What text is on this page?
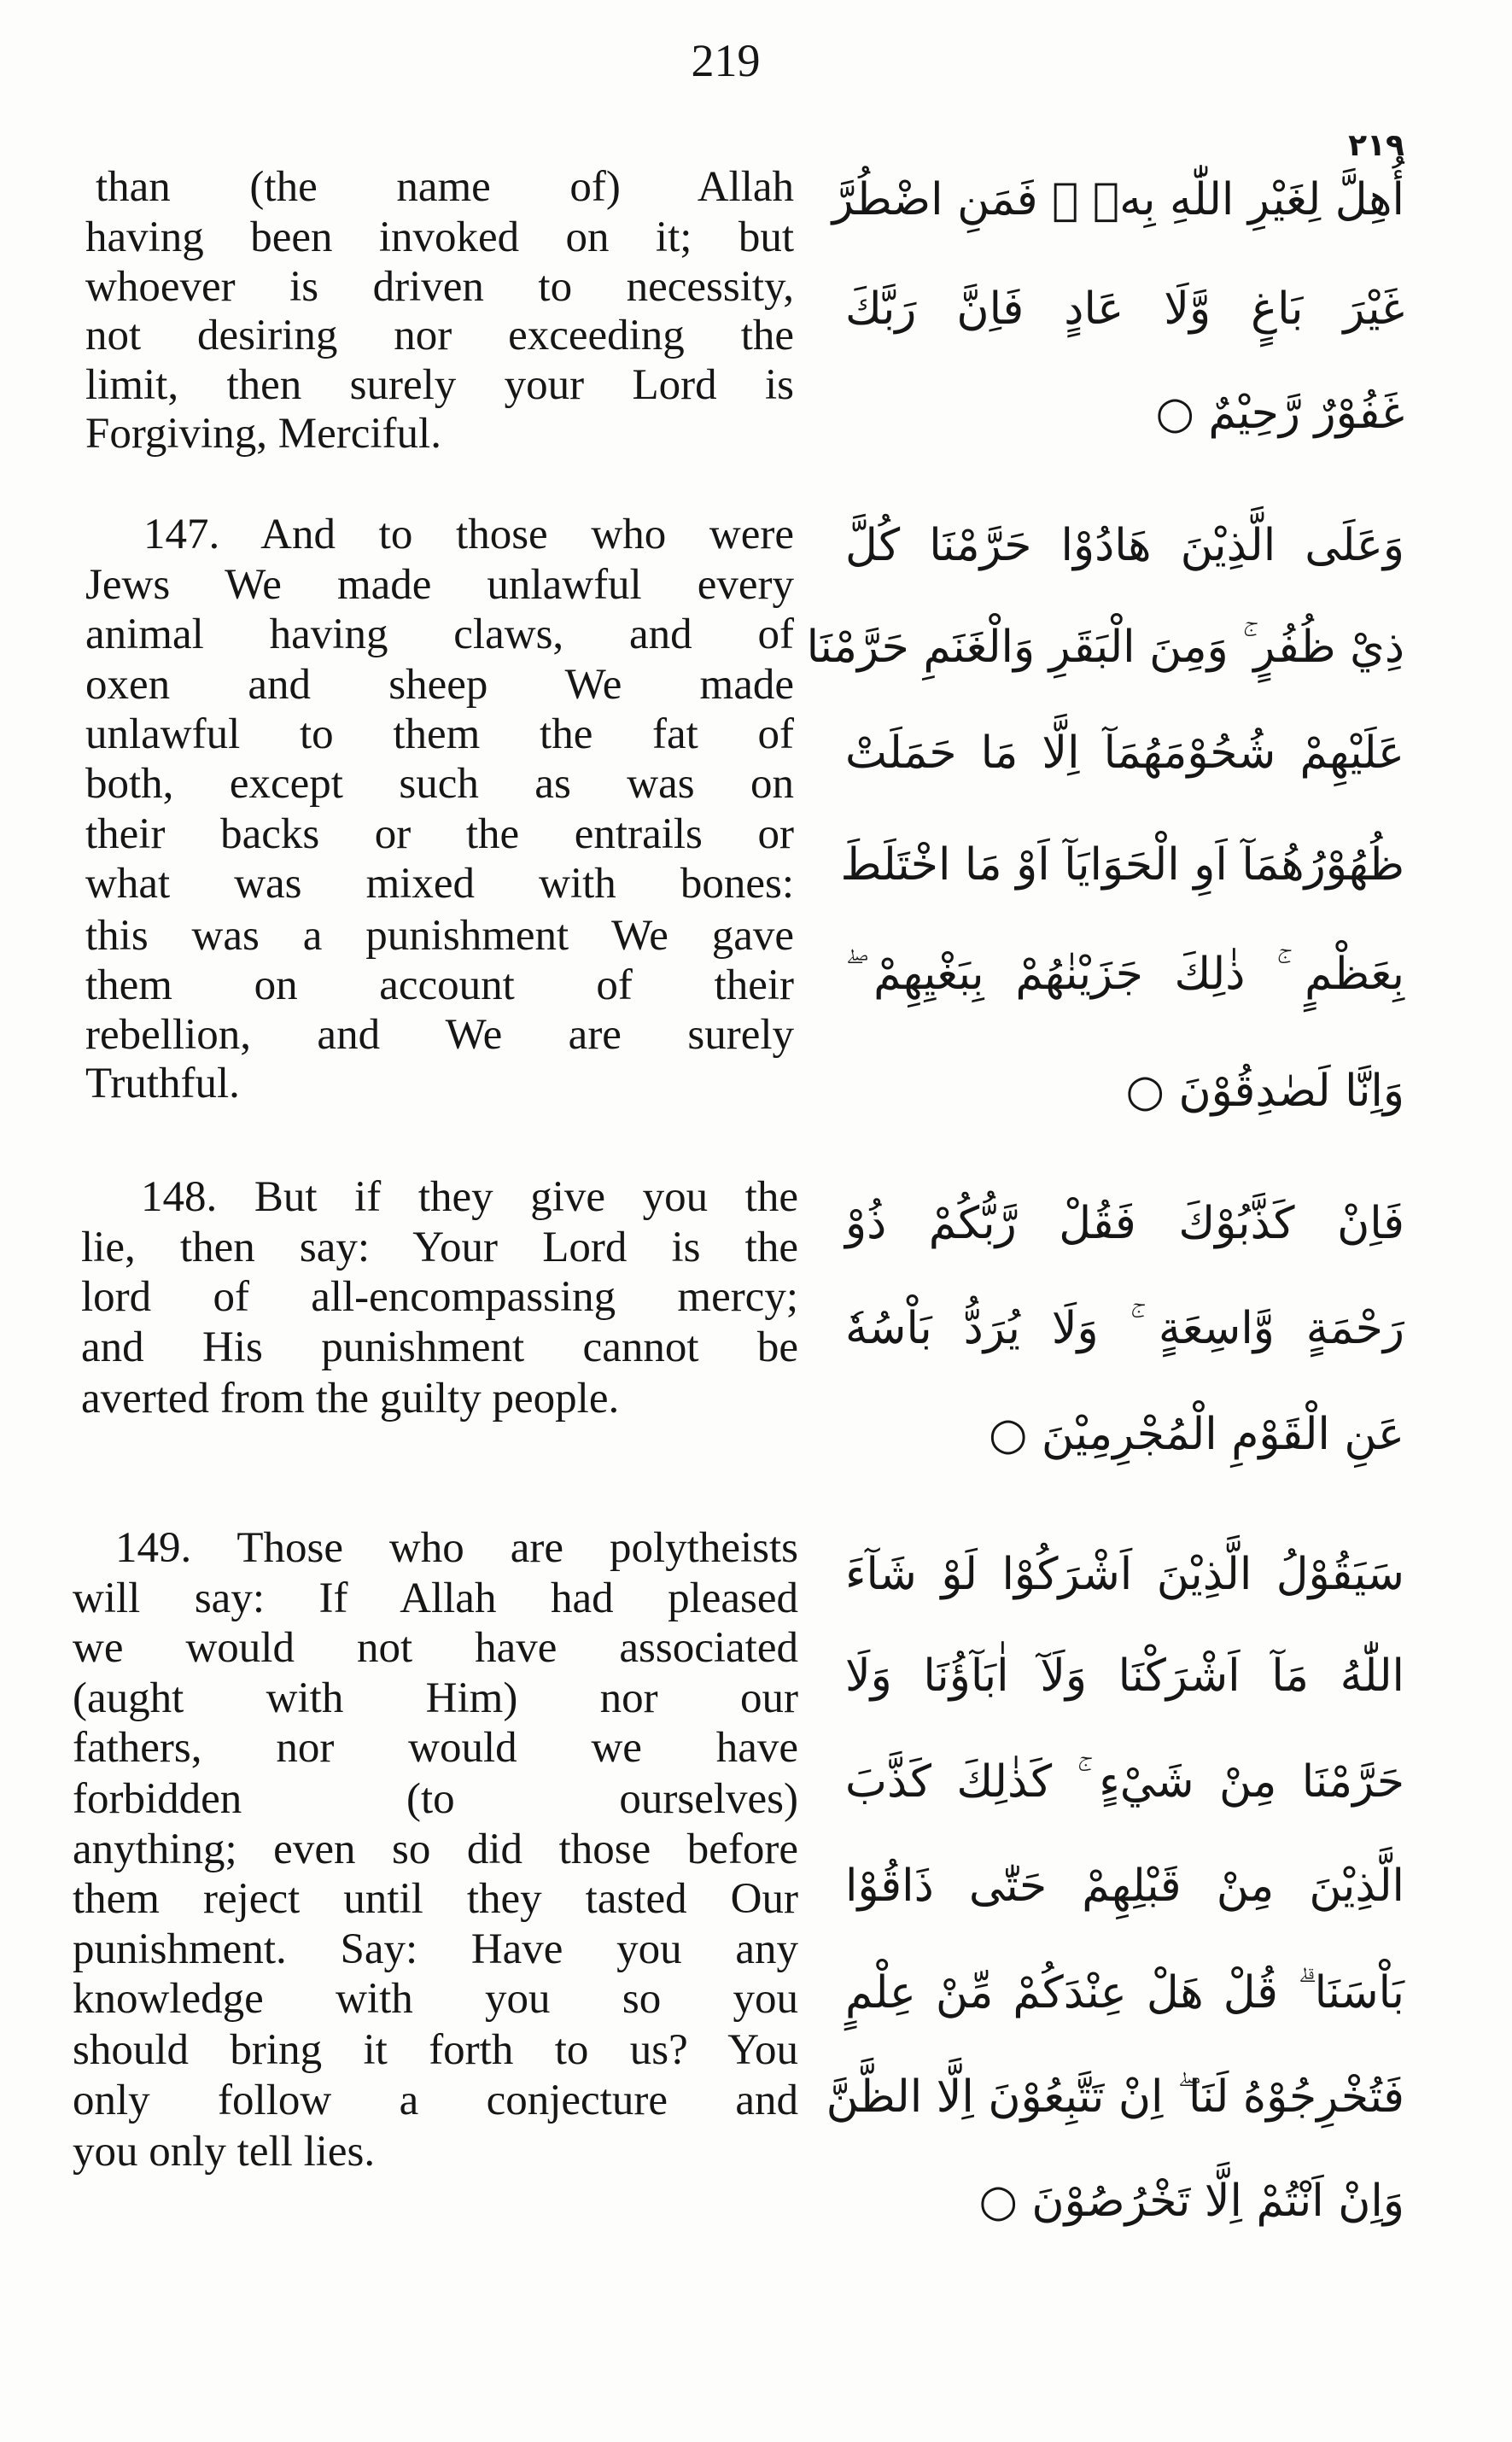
219
٢١٩
than (the name of) Allah
having been invoked on it; but
whoever is driven to necessity,
not desiring nor exceeding the
limit, then surely your Lord is
Forgiving, Merciful.
147. And to those who were
Jews We made unlawful every
animal having claws, and of
oxen and sheep We made
unlawful to them the fat of
both, except such as was on
their backs or the entrails or
what was mixed with bones:
this was a punishment We gave
them on account of their
rebellion, and We are surely
Truthful.
148. But if they give you the
lie, then say: Your Lord is the
lord of all-encompassing mercy;
and His punishment cannot be
averted from the guilty people.
149. Those who are polytheists
will say: If Allah had pleased
we would not have associated
(aught with Him) nor our
fathers, nor would we have
forbidden (to ourselves)
anything; even so did those before
them reject until they tasted Our
punishment. Say: Have you any
knowledge with you so you
should bring it forth to us? You
only follow a conjecture and
you only tell lies.
أُهِلَّ لِغَيْرِ اللّٰهِ بِهٖ ۚ فَمَنِ اضْطُرَّ
غَيْرَ بَاغٍ وَّلَا عَادٍ فَاِنَّ رَبَّكَ
غَفُوْرٌ رَّحِيْمٌ ○
وَعَلَى الَّذِيْنَ هَادُوْا حَرَّمْنَا كُلَّ
ذِيْ ظُفُرٍ ۚ وَمِنَ الْبَقَرِ وَالْغَنَمِ حَرَّمْنَا
عَلَيْهِمْ شُحُوْمَهُمَآ اِلَّا مَا حَمَلَتْ
ظُهُوْرُهُمَآ اَوِ الْحَوَايَآ اَوْ مَا اخْتَلَطَ
بِعَظْمٍ ۚ ذٰلِكَ جَزَيْنٰهُمْ بِبَغْيِهِمْ ۖ
وَاِنَّا لَصٰدِقُوْنَ ○
فَاِنْ كَذَّبُوْكَ فَقُلْ رَّبُّكُمْ ذُوْ
رَحْمَةٍ وَّاسِعَةٍ ۚ وَلَا يُرَدُّ بَاْسُهٗ
عَنِ الْقَوْمِ الْمُجْرِمِيْنَ ○
سَيَقُوْلُ الَّذِيْنَ اَشْرَكُوْا لَوْ شَآءَ
اللّٰهُ مَآ اَشْرَكْنَا وَلَآ اٰبَآؤُنَا وَلَا
حَرَّمْنَا مِنْ شَيْءٍ ۚ كَذٰلِكَ كَذَّبَ
الَّذِيْنَ مِنْ قَبْلِهِمْ حَتّٰى ذَاقُوْا
بَاْسَنَا ۗ قُلْ هَلْ عِنْدَكُمْ مِّنْ عِلْمٍ
فَتُخْرِجُوْهُ لَنَا ۖ اِنْ تَتَّبِعُوْنَ اِلَّا الظَّنَّ
وَاِنْ اَنْتُمْ اِلَّا تَخْرُصُوْنَ ○
